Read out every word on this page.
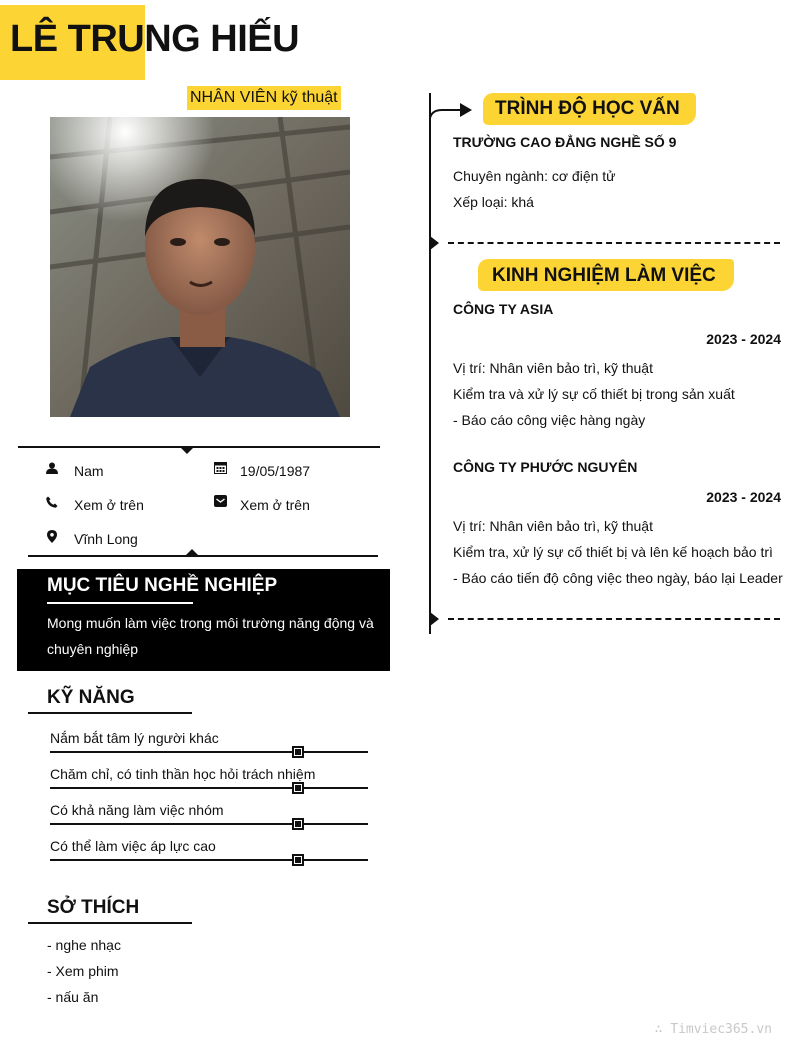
LÊ TRUNG HIẾU
NHÂN VIÊN kỹ thuật
Nam	19/05/1987
Xem ở trên	Xem ở trên
Vĩnh Long
MỤC TIÊU NGHỀ NGHIỆP
Mong muốn làm việc trong môi trường năng động và chuyên nghiệp
KỸ NĂNG
Nắm bắt tâm lý người khác
Chăm chỉ, có tinh thần học hỏi trách nhiệm
Có khả năng làm việc nhóm
Có thể làm việc áp lực cao
SỞ THÍCH
- nghe nhạc
- Xem phim
- nấu ăn
TRÌNH ĐỘ HỌC VẤN
TRƯỜNG CAO ĐẲNG NGHỀ SỐ 9
Chuyên ngành: cơ điện tử
Xếp loại: khá
KINH NGHIỆM LÀM VIỆC
CÔNG TY ASIA
2023 - 2024
Vị trí: Nhân viên bảo trì, kỹ thuật
Kiểm tra và xử lý sự cố thiết bị trong sản xuất
- Báo cáo công việc hàng ngày
CÔNG TY PHƯỚC NGUYÊN
2023 - 2024
Vị trí: Nhân viên bảo trì, kỹ thuật
Kiểm tra, xử lý sự cố thiết bị và lên kế hoạch bảo trì
- Báo cáo tiến độ công việc theo ngày, báo lại Leader
∴ Timviec365.vn
